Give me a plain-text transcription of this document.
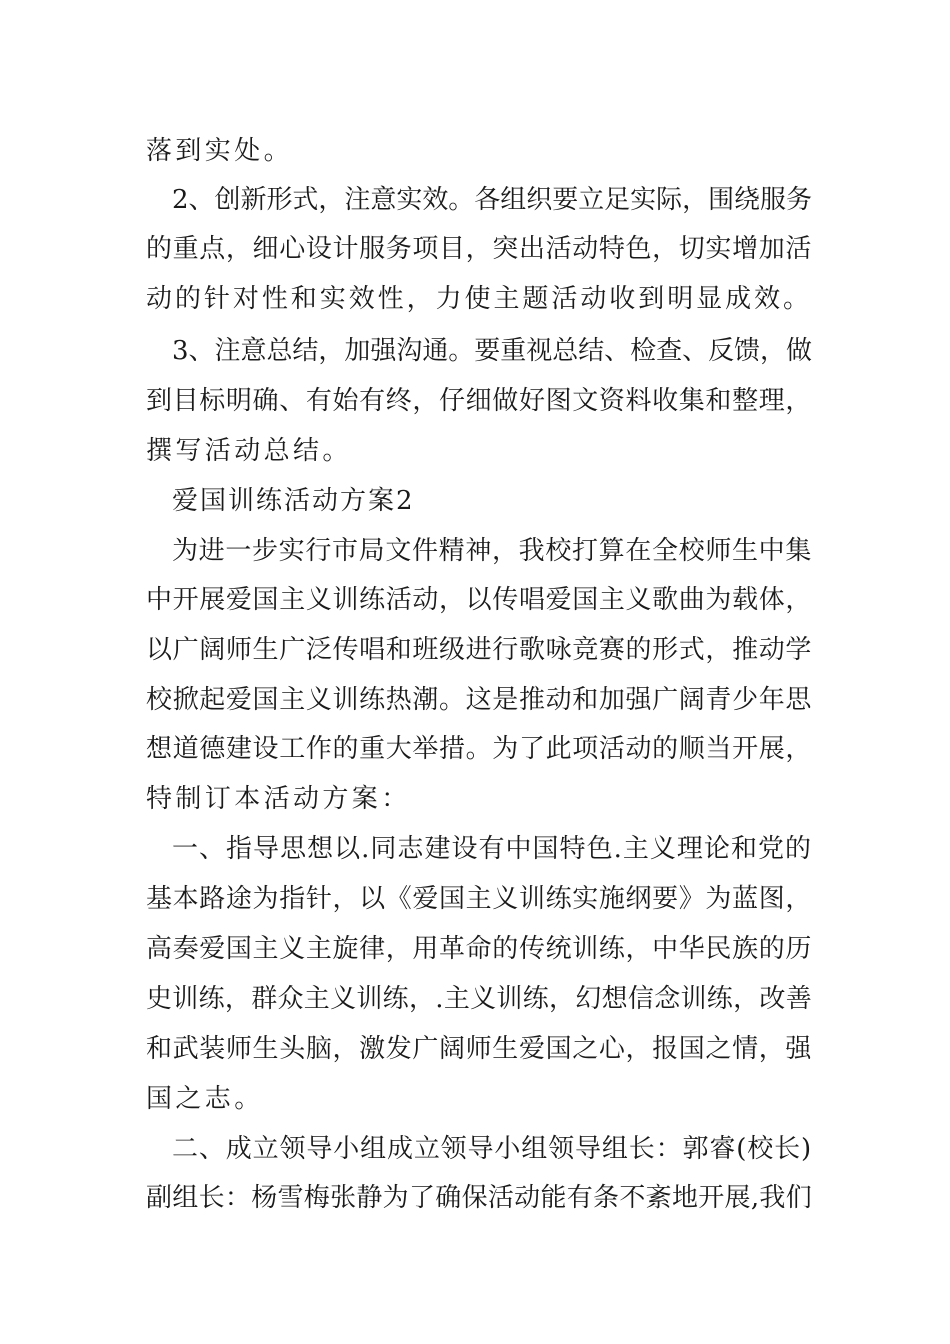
落到实处。
2、创新形式，注意实效。各组织要立足实际，围绕服务
的重点，细心设计服务项目，突出活动特色，切实增加活
动的针对性和实效性，力使主题活动收到明显成效。
3、注意总结，加强沟通。要重视总结、检查、反馈，做
到目标明确、有始有终，仔细做好图文资料收集和整理，
撰写活动总结。
爱国训练活动方案2
为进一步实行市局文件精神，我校打算在全校师生中集
中开展爱国主义训练活动，以传唱爱国主义歌曲为载体，
以广阔师生广泛传唱和班级进行歌咏竞赛的形式，推动学
校掀起爱国主义训练热潮。这是推动和加强广阔青少年思
想道德建设工作的重大举措。为了此项活动的顺当开展，
特制订本活动方案：
一、指导思想以.同志建设有中国特色.主义理论和党的
基本路途为指针，以《爱国主义训练实施纲要》为蓝图，
高奏爱国主义主旋律，用革命的传统训练，中华民族的历
史训练，群众主义训练，.主义训练，幻想信念训练，改善
和武装师生头脑，激发广阔师生爱国之心，报国之情，强
国之志。
二、成立领导小组成立领导小组领导组长：郭睿(校长)
副组长：杨雪梅张静为了确保活动能有条不紊地开展,我们
